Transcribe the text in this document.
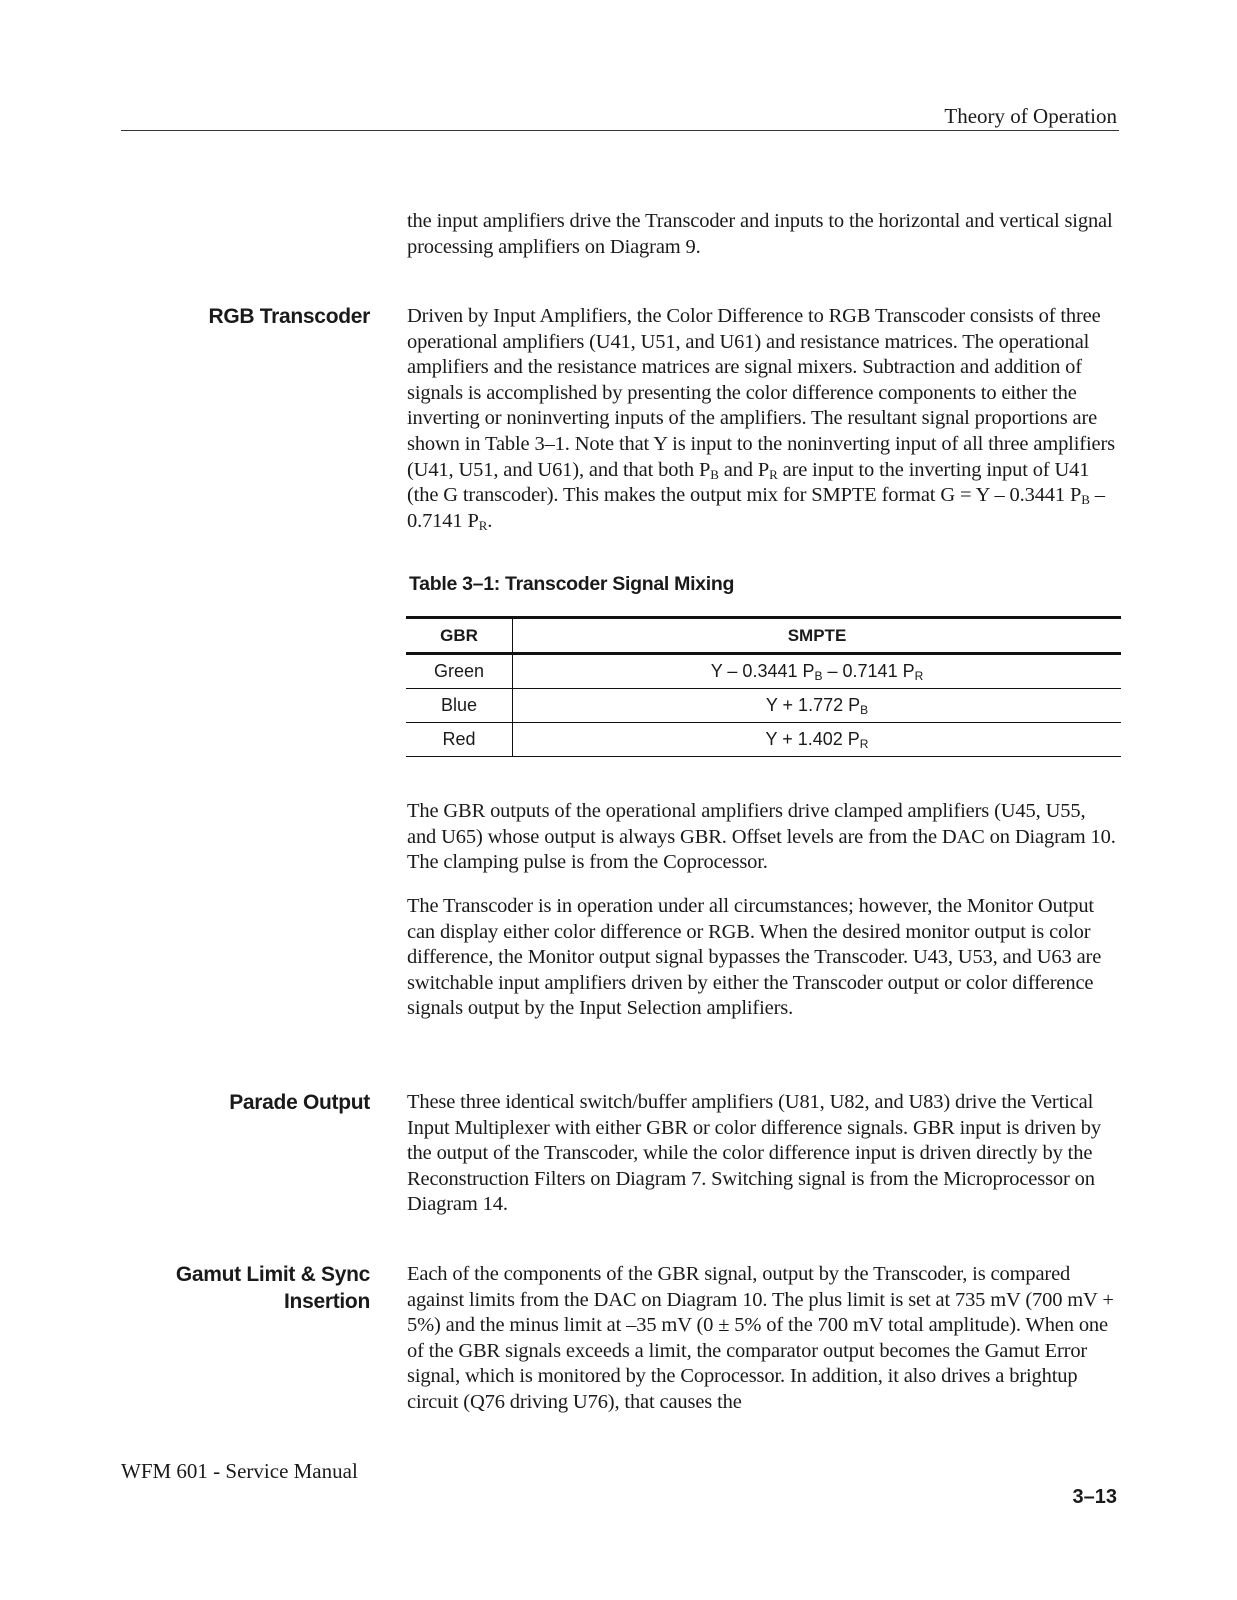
Theory of Operation

the input amplifiers drive the Transcoder and inputs to the horizontal and vertical signal processing amplifiers on Diagram 9.

RGB Transcoder Driven by Input Amplifiers, the Color Difference to RGB Transcoder consists of three operational amplifiers (U41, U51, and U61) and resistance matrices. The operational amplifiers and the resistance matrices are signal mixers. Subtraction and addition of signals is accomplished by presenting the color difference components to either the inverting or noninverting inputs of the amplifiers. The resultant signal proportions are shown in Table 3–1. Note that Y is input to the noninverting input of all three amplifiers (U41, U51, and U61), and that both $P_B$ and $P_R$ are input to the inverting input of U41 (the G transcoder). This makes the output mix for SMPTE format G = Y – 0.3441 $P_B - 0.7141$ $P_R$.

Table 3–1: Transcoder Signal Mixing
GBR	SMPTE
Green	Y – 0.3441 $P_B - 0.7141$ $P_R$
Blue	Y + 1.772 $P_B$
Red	Y + 1.402 $P_R$

The GBR outputs of the operational amplifiers drive clamped amplifiers (U45, U55, and U65) whose output is always GBR. Offset levels are from the DAC on Diagram 10. The clamping pulse is from the Coprocessor.

The Transcoder is in operation under all circumstances; however, the Monitor Output can display either color difference or RGB. When the desired monitor output is color difference, the Monitor output signal bypasses the Transcoder. U43, U53, and U63 are switchable input amplifiers driven by either the Transcoder output or color difference signals output by the Input Selection amplifiers.

Parade Output These three identical switch/buffer amplifiers (U81, U82, and U83) drive the Vertical Input Multiplexer with either GBR or color difference signals. GBR input is driven by the output of the Transcoder, while the color difference input is driven directly by the Reconstruction Filters on Diagram 7. Switching signal is from the Microprocessor on Diagram 14.

Gamut Limit & Sync
Insertion

Each of the components of the GBR signal, output by the Transcoder, is compared against limits from the DAC on Diagram 10. The plus limit is set at 735 mV (700 mV + 5%) and the minus limit at –35 mV (0 ± 5% of the 700 mV total amplitude). When one of the GBR signals exceeds a limit, the comparator output becomes the Gamut Error signal, which is monitored by the Coprocessor. In addition, it also drives a brightup circuit (Q76 driving U76), that causes the

WFM 601 - Service Manual
3–13
